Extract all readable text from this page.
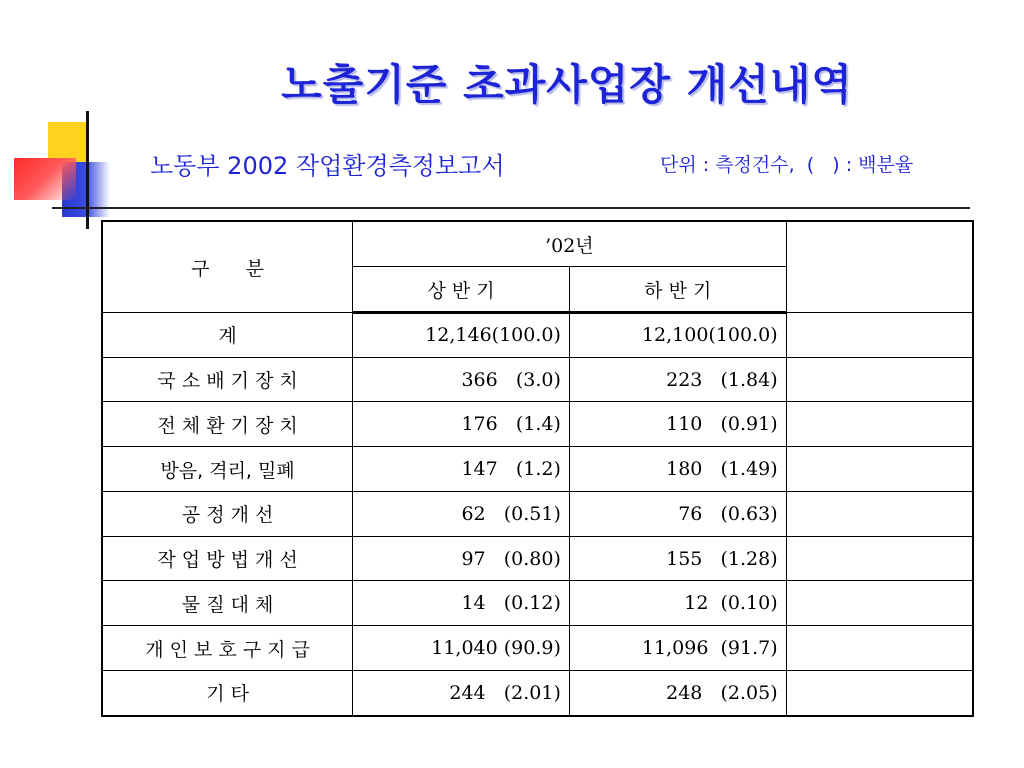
노출기준 초과사업장 개선내역
노동부 2002 작업환경측정보고서	단위 : 측정건수,  (   ) : 백분율
구      분	’02년		
	상 반 기	하 반 기	
계	12,146(100.0)	12,100(100.0)	
국 소 배 기 장 치	366   (3.0)	223   (1.84)	
전 체 환 기 장 치	176   (1.4)	110   (0.91)	
방음, 격리, 밀폐	147   (1.2)	180   (1.49)	
공 정 개 선	62   (0.51)	76   (0.63)	
작 업 방 법 개 선	97   (0.80)	155   (1.28)	
물 질 대 체	14   (0.12)	12  (0.10)	
개 인 보 호 구 지 급	11,040 (90.9)	11,096  (91.7)	
기 타	244   (2.01)	248   (2.05)	
